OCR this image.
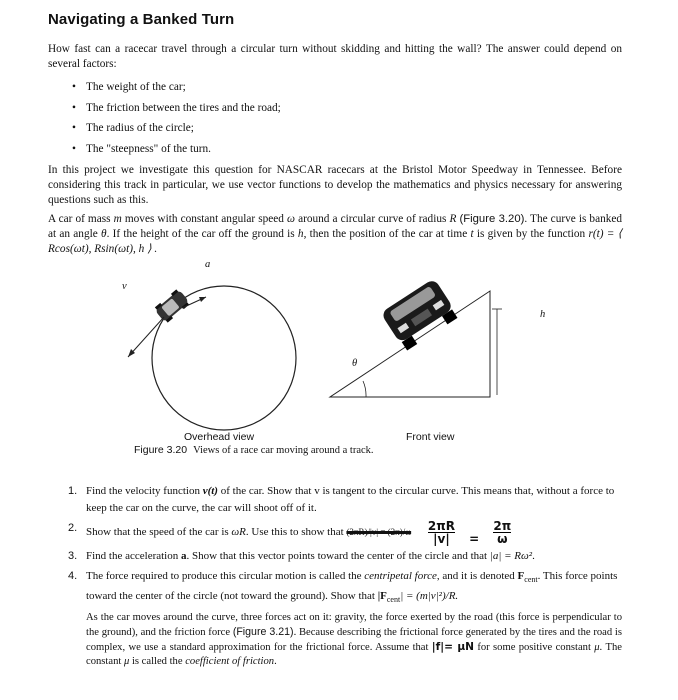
Navigating a Banked Turn

How fast can a racecar travel through a circular turn without skidding and hitting the wall? The answer could depend on several factors:

• The weight of the car;
• The friction between the tires and the road;
• The radius of the circle;
• The "steepness" of the turn.

In this project we investigate this question for NASCAR racecars at the Bristol Motor Speedway in Tennessee. Before considering this track in particular, we use vector functions to develop the mathematics and physics necessary for answering questions such as this.

A car of mass m moves with constant angular speed ω around a circular curve of radius R (Figure 3.20). The curve is banked at an angle θ. If the height of the car off the ground is h, then the position of the car at time t is given by the function r(t) = ⟨ Rcos(ωt), Rsin(ωt), h ⟩ .

a
v
h
θ
Overhead view	Front view
Figure 3.20 Views of a race car moving around a track.
1. Find the velocity function v(t) of the car. Show that v is tangent to the circular curve. This means that, without a force to keep the car on the curve, the car will shoot off of it.
2. Show that the speed of the car is ωR. Use this to show that $(2\pi R)/|v| = (2\pi)/\omega \frac{2\pi R}{|v|} = \frac{2\pi}{\omega}$
3. Find the acceleration a. Show that this vector points toward the center of the circle and that |a| = Rω².
4. The force required to produce this circular motion is called the centripetal force, and it is denoted $F_{cent}$. This force points toward the center of the circle (not toward the ground). Show that $|F_{cent}| = (m|v|^2)/R$.

As the car moves around the curve, three forces act on it: gravity, the force exerted by the road (this force is perpendicular to the ground), and the friction force (Figure 3.21). Because describing the frictional force generated by the tires and the road is complex, we use a standard approximation for the frictional force. Assume that |f|= μN for some positive constant μ. The constant μ is called the coefficient of friction.
